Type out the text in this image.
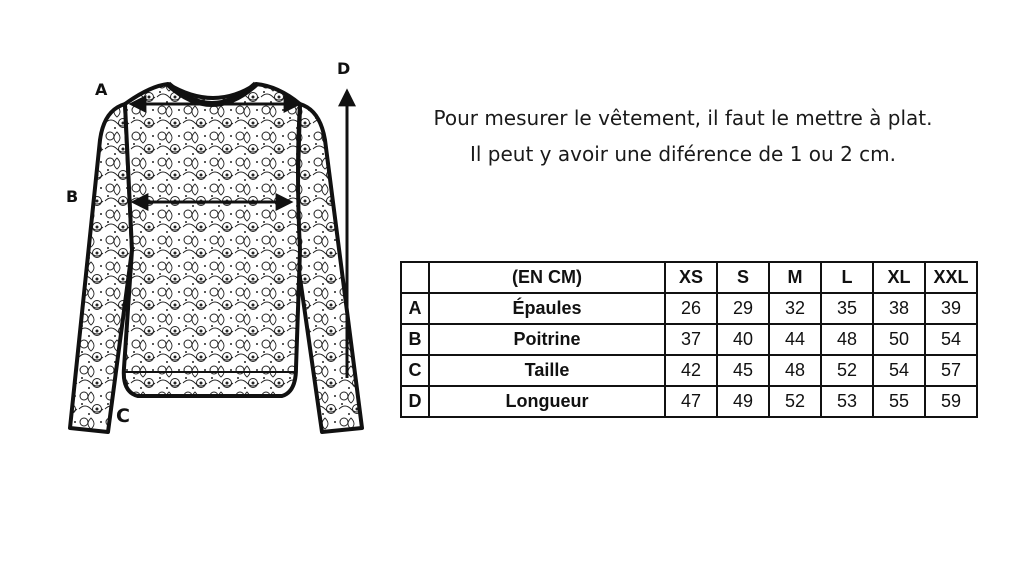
A
B
C
D
Pour mesurer le vêtement, il faut le mettre à plat.
Il peut y avoir une diférence de 1 ou 2 cm.
	(EN CM)	XS	S	M	L	XL	XXL
A	Épaules	26	29	32	35	38	39
B	Poitrine	37	40	44	48	50	54
C	Taille	42	45	48	52	54	57
D	Longueur	47	49	52	53	55	59
